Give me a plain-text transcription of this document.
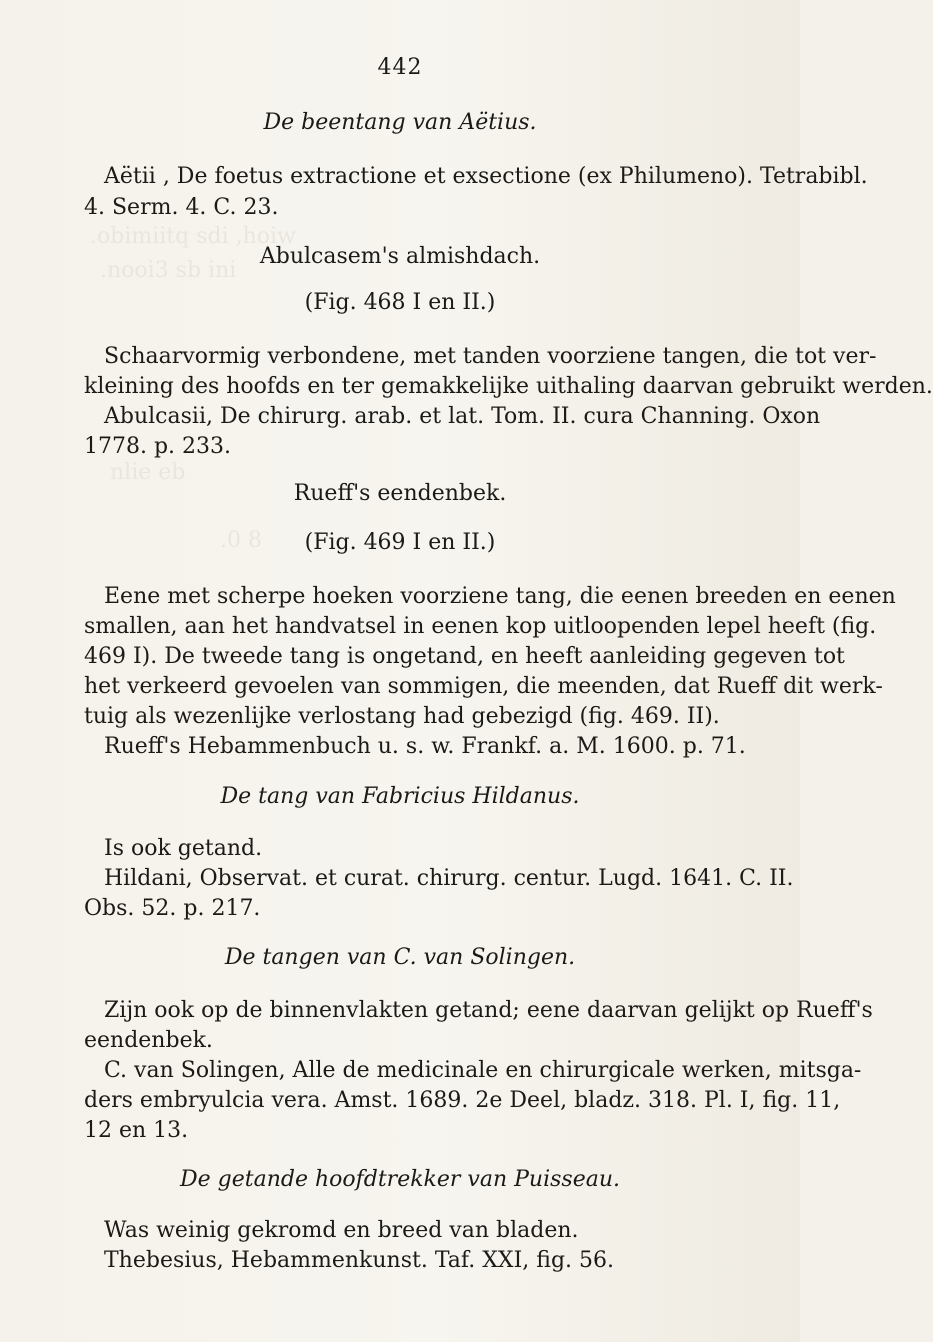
.obimiitq sdi ,hoiw
.nooi3 sb ini
nlie eb
.0 8
442
De beentang van Aëtius.
Aëtii , De foetus extractione et exsectione (ex Philumeno). Tetrabibl.
4. Serm. 4. C. 23.
Abulcasem's almishdach.
(Fig. 468 I en II.)
Schaarvormig verbondene, met tanden voorziene tangen, die tot ver-
kleining des hoofds en ter gemakkelijke uithaling daarvan gebruikt werden.
Abulcasii, De chirurg. arab. et lat. Tom. II. cura Channing. Oxon
1778. p. 233.
Rueff's eendenbek.
(Fig. 469 I en II.)
Eene met scherpe hoeken voorziene tang, die eenen breeden en eenen
smallen, aan het handvatsel in eenen kop uitloopenden lepel heeft (fig.
469 I). De tweede tang is ongetand, en heeft aanleiding gegeven tot
het verkeerd gevoelen van sommigen, die meenden, dat Rueff dit werk-
tuig als wezenlijke verlostang had gebezigd (fig. 469. II).
Rueff's Hebammenbuch u. s. w. Frankf. a. M. 1600. p. 71.
De tang van Fabricius Hildanus.
Is ook getand.
Hildani, Observat. et curat. chirurg. centur. Lugd. 1641. C. II.
Obs. 52. p. 217.
De tangen van C. van Solingen.
Zijn ook op de binnenvlakten getand; eene daarvan gelijkt op Rueff's
eendenbek.
C. van Solingen, Alle de medicinale en chirurgicale werken, mitsga-
ders embryulcia vera. Amst. 1689. 2e Deel, bladz. 318. Pl. I, fig. 11,
12 en 13.
De getande hoofdtrekker van Puisseau.
Was weinig gekromd en breed van bladen.
Thebesius, Hebammenkunst. Taf. XXI, fig. 56.
